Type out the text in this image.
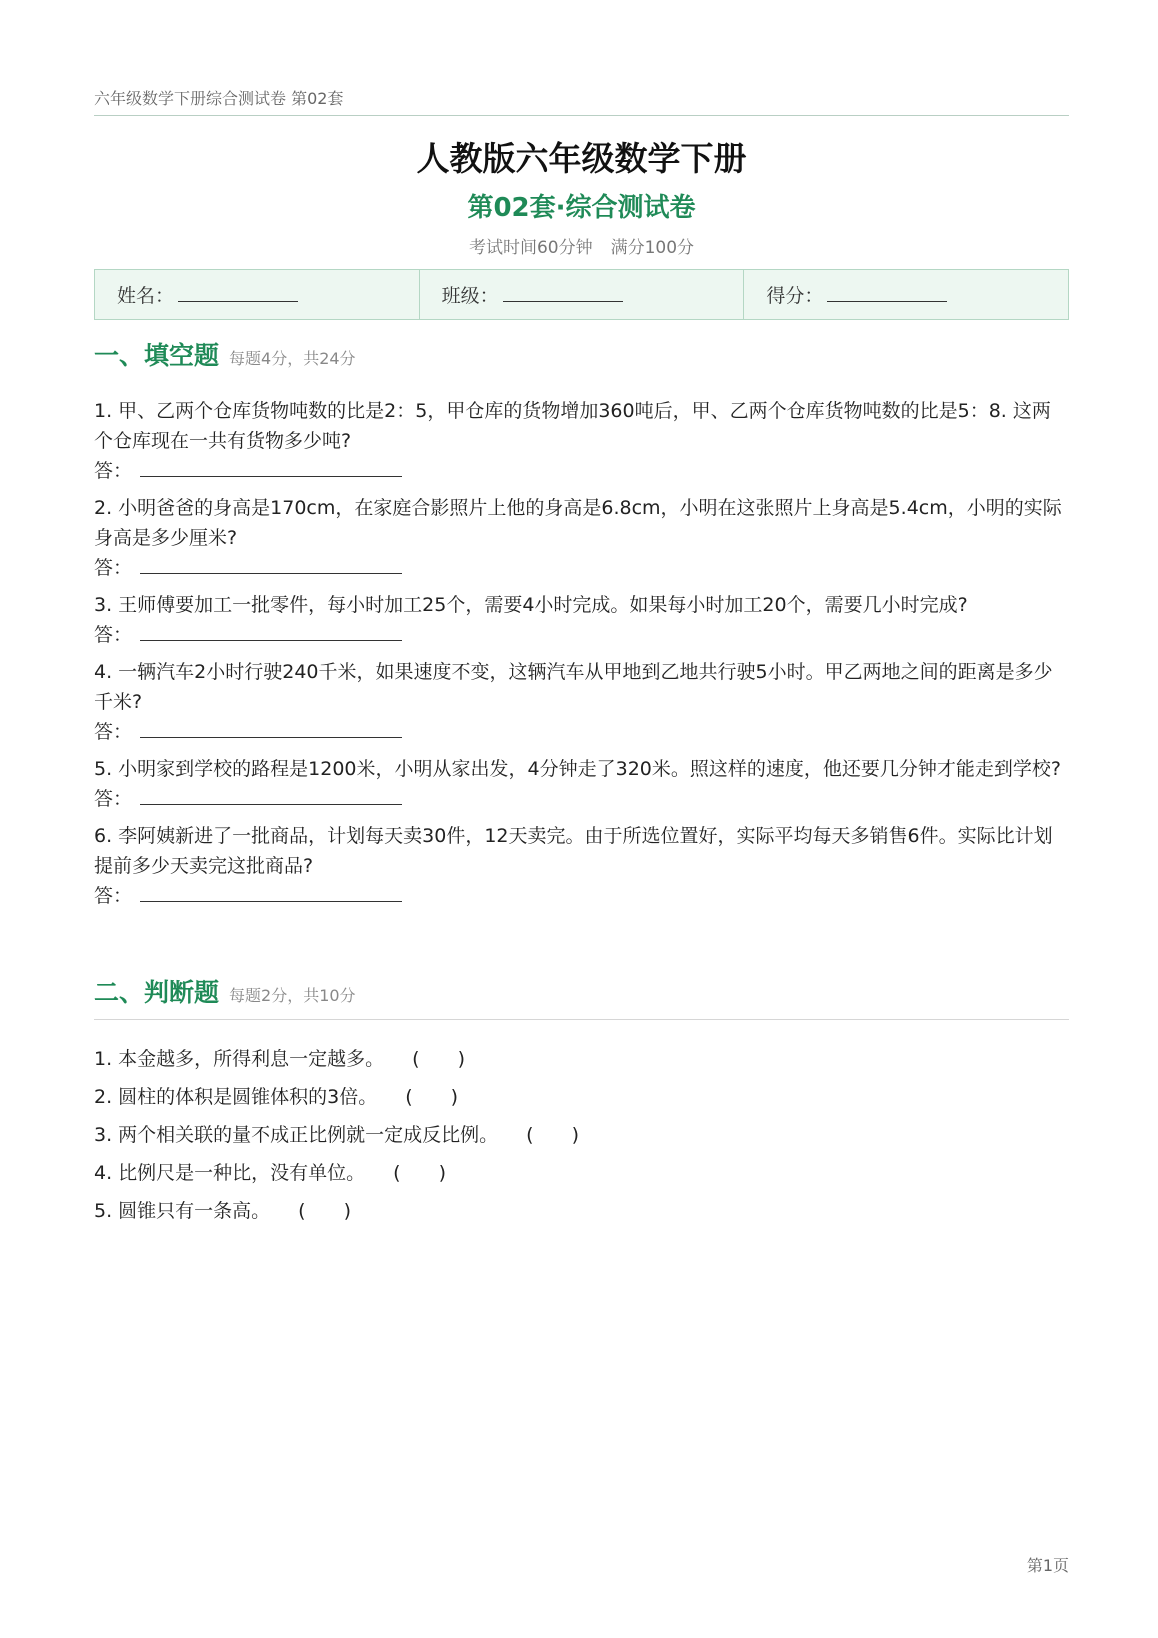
六年级数学下册综合测试卷 第02套
人教版六年级数学下册
第02套·综合测试卷
考试时间60分钟 满分100分
姓名：	班级：	得分：
一、填空题 每题4分，共24分
1. 甲、乙两个仓库货物吨数的比是2：5，甲仓库的货物增加360吨后，甲、乙两个仓库货物吨数的比是5：8. 这两个仓库现在一共有货物多少吨?
答：
2. 小明爸爸的身高是170cm，在家庭合影照片上他的身高是6.8cm，小明在这张照片上身高是5.4cm，小明的实际身高是多少厘米?
答：
3. 王师傅要加工一批零件，每小时加工25个，需要4小时完成。如果每小时加工20个，需要几小时完成?
答：
4. 一辆汽车2小时行驶240千米，如果速度不变，这辆汽车从甲地到乙地共行驶5小时。甲乙两地之间的距离是多少千米?
答：
5. 小明家到学校的路程是1200米，小明从家出发，4分钟走了320米。照这样的速度，他还要几分钟才能走到学校?
答：
6. 李阿姨新进了一批商品，计划每天卖30件，12天卖完。由于所选位置好，实际平均每天多销售6件。实际比计划提前多少天卖完这批商品?
答：
二、判断题 每题2分，共10分
1. 本金越多，所得利息一定越多。 (　　)
2. 圆柱的体积是圆锥体积的3倍。 (　　)
3. 两个相关联的量不成正比例就一定成反比例。 (　　)
4. 比例尺是一种比，没有单位。 (　　)
5. 圆锥只有一条高。 (　　)
第1页
